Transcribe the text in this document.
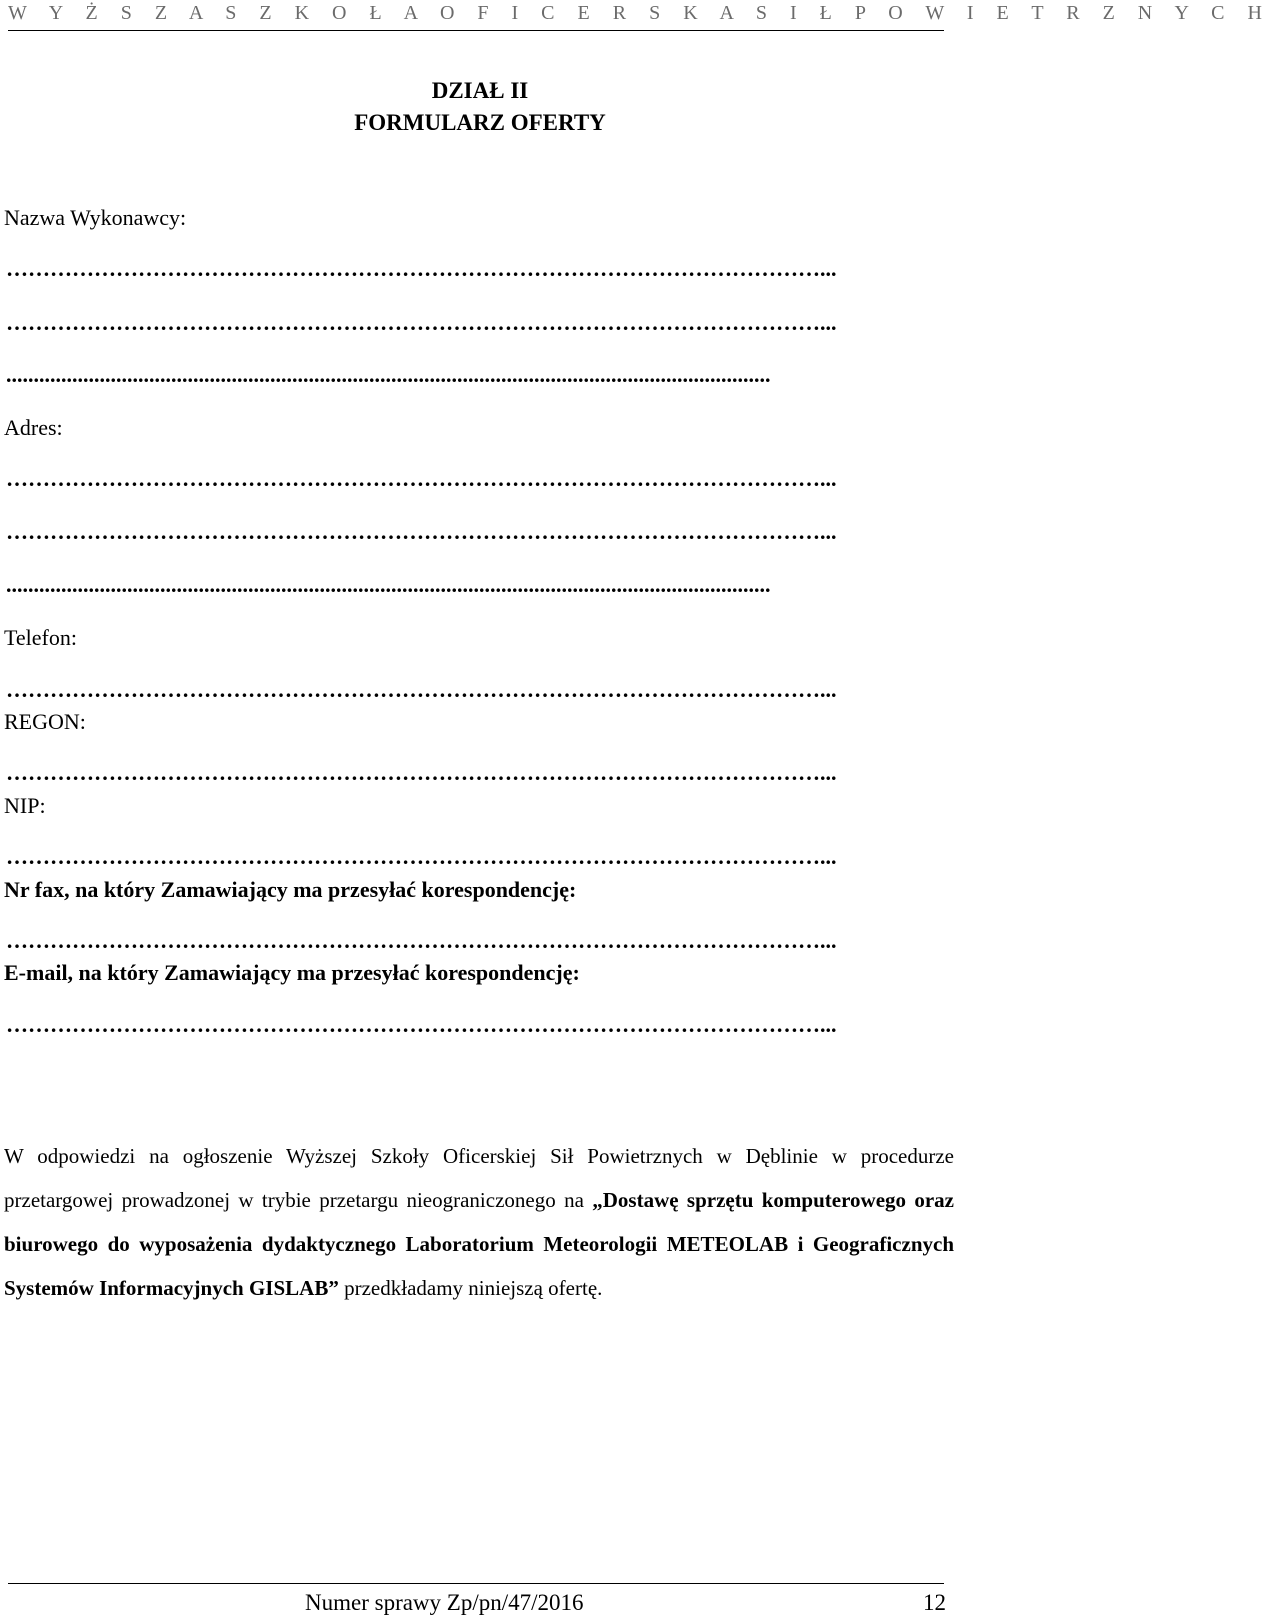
W Y Ż S Z A S Z K O Ł A O F I C E R S K A S I Ł P O W I E T R Z N Y C H
DZIAŁ II
FORMULARZ OFERTY
Nazwa Wykonawcy:
…………………………………………………………………………………………………...
…………………………………………………………………………………………………...
...........................................................................................................................................
Adres:
…………………………………………………………………………………………………...
…………………………………………………………………………………………………...
...........................................................................................................................................
Telefon:
…………………………………………………………………………………………………...
REGON:
…………………………………………………………………………………………………...
NIP:
…………………………………………………………………………………………………...
Nr fax, na który Zamawiający ma przesyłać korespondencję:
…………………………………………………………………………………………………...
E-mail, na który Zamawiający ma przesyłać korespondencję:
…………………………………………………………………………………………………...
W odpowiedzi na ogłoszenie Wyższej Szkoły Oficerskiej Sił Powietrznych w Dęblinie w procedurze przetargowej prowadzonej w trybie przetargu nieograniczonego na „Dostawę sprzętu komputerowego oraz biurowego do wyposażenia dydaktycznego Laboratorium Meteorologii METEOLAB i Geograficznych Systemów Informacyjnych GISLAB” przedkładamy niniejszą ofertę.
Numer sprawy Zp/pn/47/2016	12
